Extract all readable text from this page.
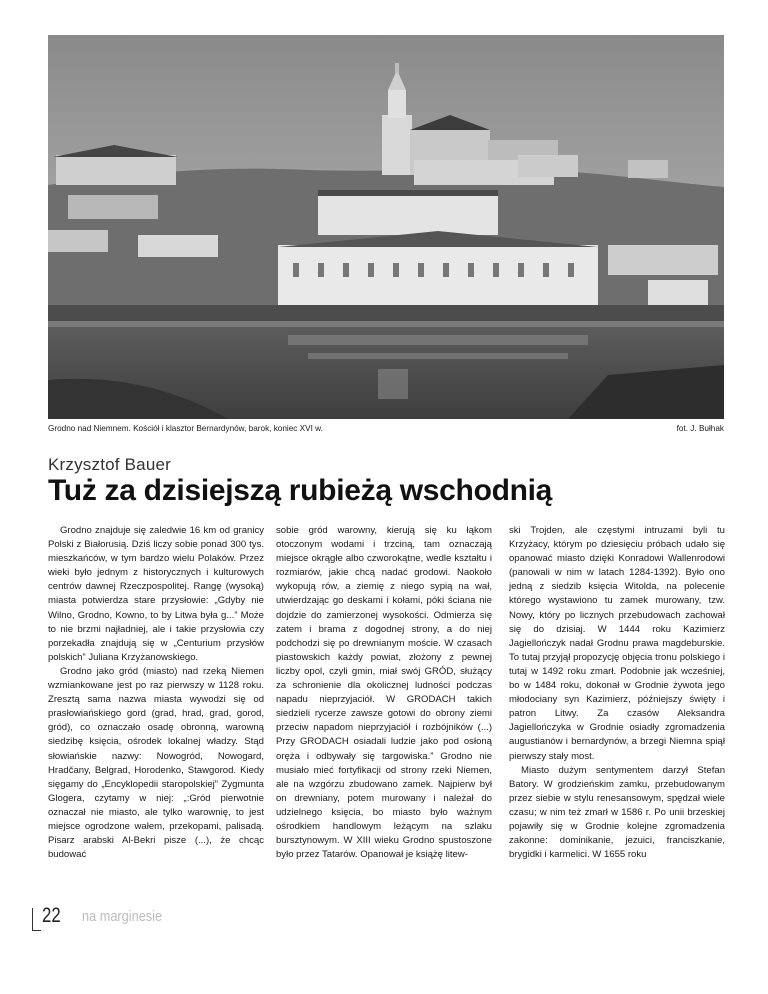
Grodno nad Niemnem. Kościół i klasztor Bernardynów, barok, koniec XVI w.	fot. J. Bułhak
Krzysztof Bauer
Tuż za dzisiejszą rubieżą wschodnią

Grodno znajduje się zaledwie 16 km od granicy Polski z Białorusią. Dziś liczy sobie ponad 300 tys. mieszkańców, w tym bardzo wielu Polaków. Przez wieki było jednym z historycznych i kulturowych centrów dawnej Rzeczpospolitej. Rangę (wysoką) miasta potwierdza stare przysłowie: „Gdyby nie Wilno, Grodno, Kowno, to by Litwa była g...” Może to nie brzmi najładniej, ale i takie przysłowia czy porzekadła znajdują się w „Centurium przysłów polskich” Juliana Krzyżanowskiego.

Grodno jako gród (miasto) nad rzeką Niemen wzmiankowane jest po raz pierwszy w 1128 roku. Zresztą sama nazwa miasta wywodzi się od prasłowiańskiego gord (grad, hrad, grad, gorod, gród), co oznaczało osadę obronną, warowną siedzibę księcia, ośrodek lokalnej władzy. Stąd słowiańskie nazwy: Nowogród, Nowogard, Hradčany, Belgrad, Horodenko, Stawgorod. Kiedy sięgamy do „Encyklopedii staropolskiej” Zygmunta Glogera, czytamy w niej: „:Gród pierwotnie oznaczał nie miasto, ale tylko warownię, to jest miejsce ogrodzone wałem, przekopami, palisadą. Pisarz arabski Al-Bekri pisze (...), że chcąc budować

sobie gród warowny, kierują się ku łąkom otoczonym wodami i trzciną, tam oznaczają miejsce okrągłe albo czworokątne, wedle kształtu i rozmiarów, jakie chcą nadać grodowi. Naokoło wykopują rów, a ziemię z niego sypią na wał, utwierdzając go deskami i kołami, póki ściana nie dojdzie do zamierzonej wysokości. Odmierza się zatem i brama z dogodnej strony, a do niej podchodzi się po drewnianym moście. W czasach piastowskich każdy powiat, złożony z pewnej liczby opol, czyli gmin, miał swój GRÓD, służący za schronienie dla okolicznej ludności podczas napadu nieprzyjaciół. W GRODACH takich siedzieli rycerze zawsze gotowi do obrony ziemi przeciw napadom nieprzyjaciół i rozbójników (...) Przy GRODACH osiadali ludzie jako pod osłoną oręża i odbywały się targowiska.” Grodno nie musiało mieć fortyfikacji od strony rzeki Niemen, ale na wzgórzu zbudowano zamek. Najpierw był on drewniany, potem murowany i należał do udzielnego księcia, bo miasto było ważnym ośrodkiem handlowym leżącym na szlaku bursztynowym. W XIII wieku Grodno spustoszone było przez Tatarów. Opanował je książę litew-

ski Trojden, ale częstymi intruzami byli tu Krzyżacy, którym po dziesięciu próbach udało się opanować miasto dzięki Konradowi Wallenrodowi (panowali w nim w latach 1284-1392). Było ono jedną z siedzib księcia Witolda, na polecenie którego wystawiono tu zamek murowany, tzw. Nowy, który po licznych przebudowach zachował się do dzisiaj. W 1444 roku Kazimierz Jagiellończyk nadał Grodnu prawa magdeburskie. To tutaj przyjął propozycję objęcia tronu polskiego i tutaj w 1492 roku zmarł. Podobnie jak wcześniej, bo w 1484 roku, dokonał w Grodnie żywota jego młodociany syn Kazimierz, późniejszy święty i patron Litwy. Za czasów Aleksandra Jagiellończyka w Grodnie osiadły zgromadzenia augustianów i bernardynów, a brzegi Niemna spiął pierwszy stały most.

Miasto dużym sentymentem darzył Stefan Batory. W grodzieńskim zamku, przebudowanym przez siebie w stylu renesansowym, spędzał wiele czasu; w nim też zmarł w 1586 r. Po unii brzeskiej pojawiły się w Grodnie kolejne zgromadzenia zakonne: dominikanie, jezuici, franciszkanie, brygidki i karmelici. W 1655 roku

22 na marginesie
